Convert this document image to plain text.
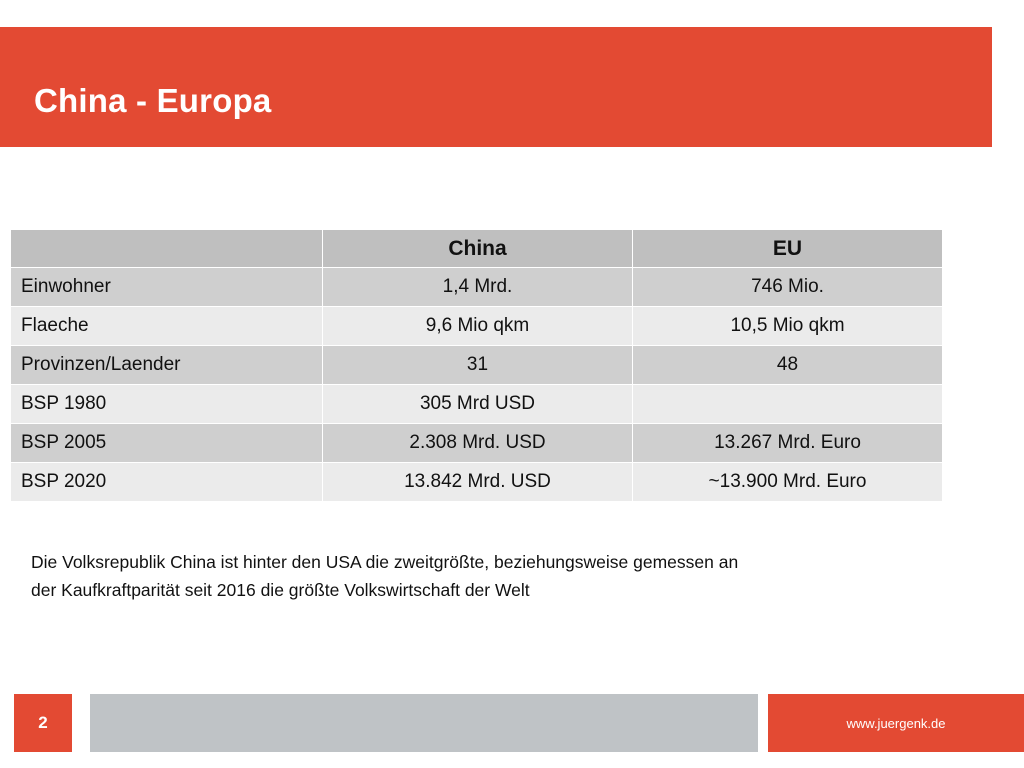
China - Europa
	China	EU
Einwohner	1,4 Mrd.	746 Mio.
Flaeche	9,6 Mio qkm	10,5 Mio qkm
Provinzen/Laender	31	48
BSP 1980	305 Mrd USD	
BSP 2005	2.308 Mrd. USD	13.267 Mrd. Euro
BSP 2020	13.842 Mrd. USD	~13.900 Mrd. Euro
Die Volksrepublik China ist hinter den USA die zweitgrößte, beziehungsweise gemessen an
der Kaufkraftparität seit 2016 die größte Volkswirtschaft der Welt
2	www.juergenk.de
